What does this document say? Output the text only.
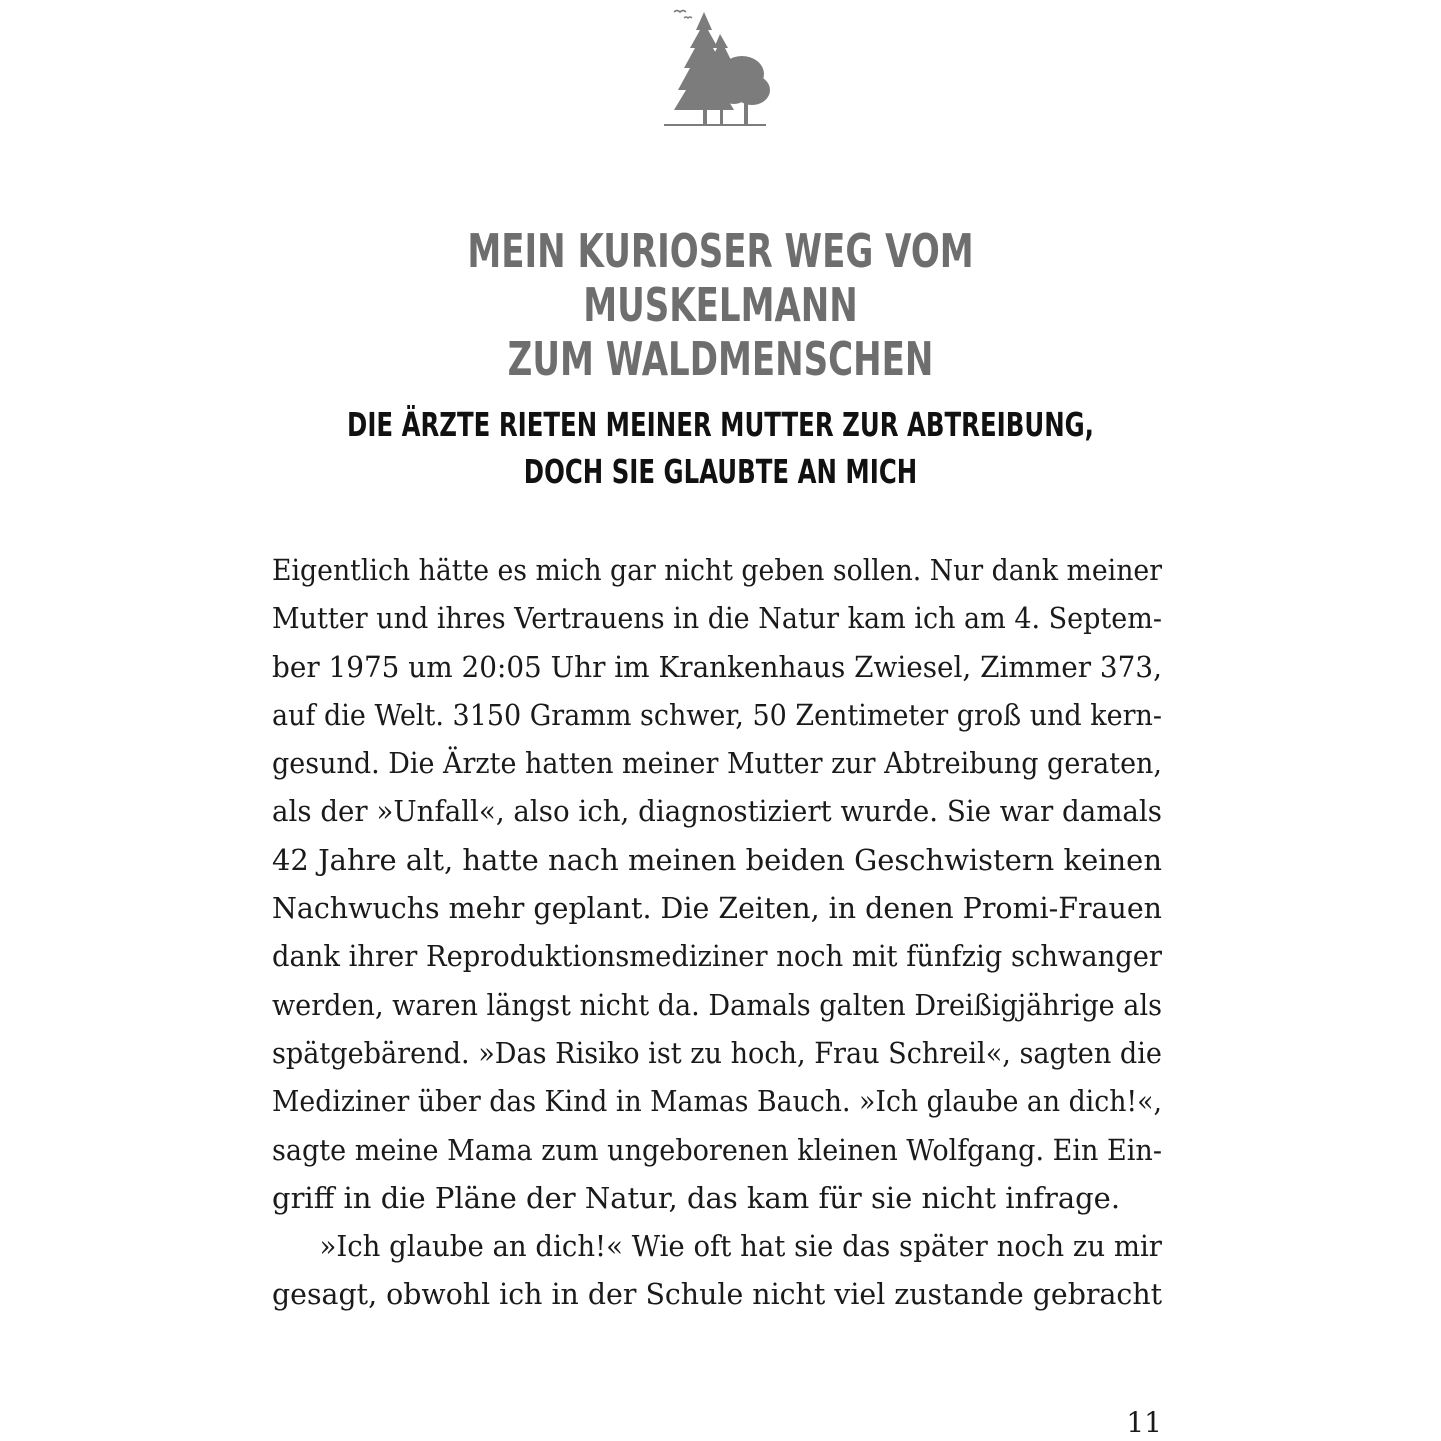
MEIN KURIOSER WEG VOM MUSKELMANN
ZUM WALDMENSCHEN
DIE ÄRZTE RIETEN MEINER MUTTER ZUR ABTREIBUNG,
DOCH SIE GLAUBTE AN MICH
Eigentlich hätte es mich gar nicht geben sollen. Nur dank meiner
Mutter und ihres Vertrauens in die Natur kam ich am 4. Septem-
ber 1975 um 20:05 Uhr im Krankenhaus Zwiesel, Zimmer 373,
auf die Welt. 3150 Gramm schwer, 50 Zentimeter groß und kern-
gesund. Die Ärzte hatten meiner Mutter zur Abtreibung geraten,
als der »Unfall«, also ich, diagnostiziert wurde. Sie war damals
42 Jahre alt, hatte nach meinen beiden Geschwistern keinen
Nachwuchs mehr geplant. Die Zeiten, in denen Promi-Frauen
dank ihrer Reproduktionsmediziner noch mit fünfzig schwanger
werden, waren längst nicht da. Damals galten Dreißigjährige als
spätgebärend. »Das Risiko ist zu hoch, Frau Schreil«, sagten die
Mediziner über das Kind in Mamas Bauch. »Ich glaube an dich!«,
sagte meine Mama zum ungeborenen kleinen Wolfgang. Ein Ein-
griff in die Pläne der Natur, das kam für sie nicht infrage.
»Ich glaube an dich!« Wie oft hat sie das später noch zu mir
gesagt, obwohl ich in der Schule nicht viel zustande gebracht
11
